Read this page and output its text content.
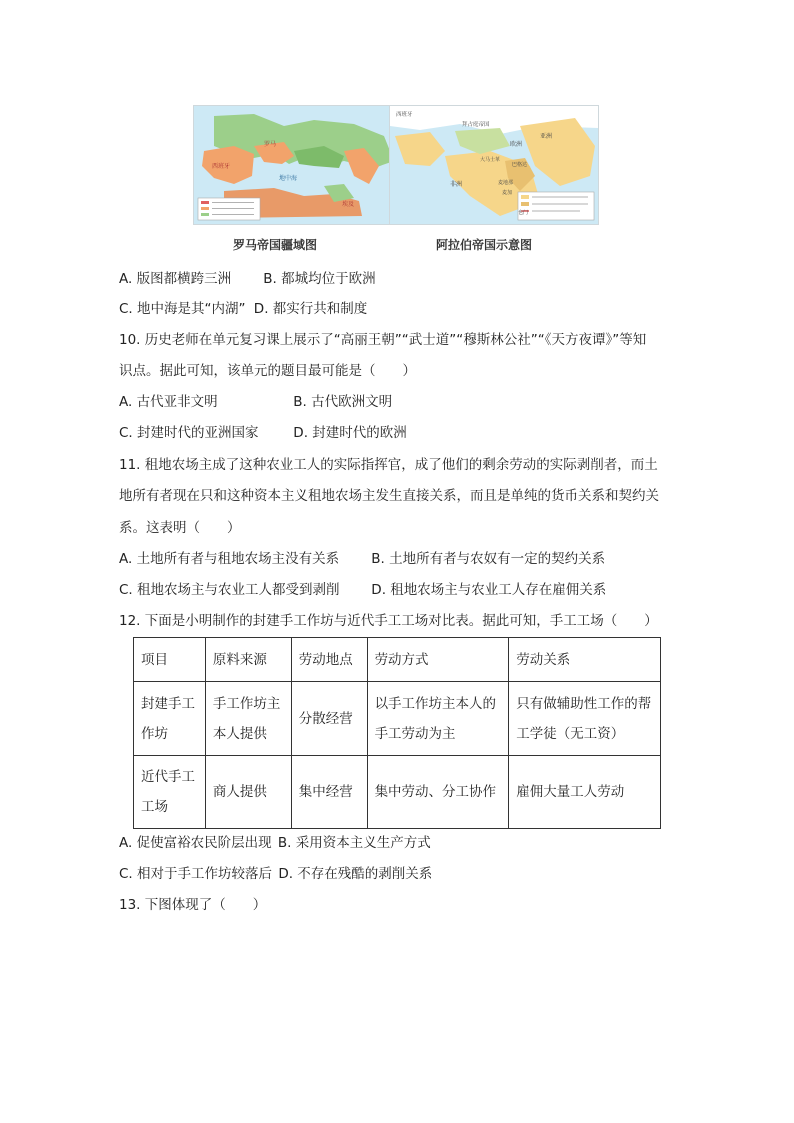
罗马
地中海
西班牙
埃及
西班牙
拜占庭帝国
亚洲
欧洲
非洲
大马士革
巴格达
麦地那
麦加
也门
罗马帝国疆域图	阿拉伯帝国示意图
A. 版图都横跨三洲 B. 都城均位于欧洲
C. 地中海是其“内湖” D. 都实行共和制度
10. 历史老师在单元复习课上展示了“高丽王朝”“武士道”“穆斯林公社”“《天方夜谭》”等知
识点。据此可知，该单元的题目最可能是（　　）
A. 古代亚非文明	B. 古代欧洲文明
C. 封建时代的亚洲国家	D. 封建时代的欧洲
11. 租地农场主成了这种农业工人的实际指挥官，成了他们的剩余劳动的实际剥削者，而土
地所有者现在只和这种资本主义租地农场主发生直接关系，而且是单纯的货币关系和契约关
系。这表明（　　）
A. 土地所有者与租地农场主没有关系 B. 土地所有者与农奴有一定的契约关系
C. 租地农场主与农业工人都受到剥削 D. 租地农场主与农业工人存在雇佣关系
12. 下面是小明制作的封建手工作坊与近代手工工场对比表。据此可知，手工工场（　　）
项目	原料来源	劳动地点	劳动方式	劳动关系
封建手工作坊	手工作坊主本人提供	分散经营	以手工作坊主本人的手工劳动为主	只有做辅助性工作的帮工学徒（无工资）
近代手工工场	商人提供	集中经营	集中劳动、分工协作	雇佣大量工人劳动
A. 促使富裕农民阶层出现 B. 采用资本主义生产方式
C. 相对于手工作坊较落后 D. 不存在残酷的剥削关系
13. 下图体现了（　　）
